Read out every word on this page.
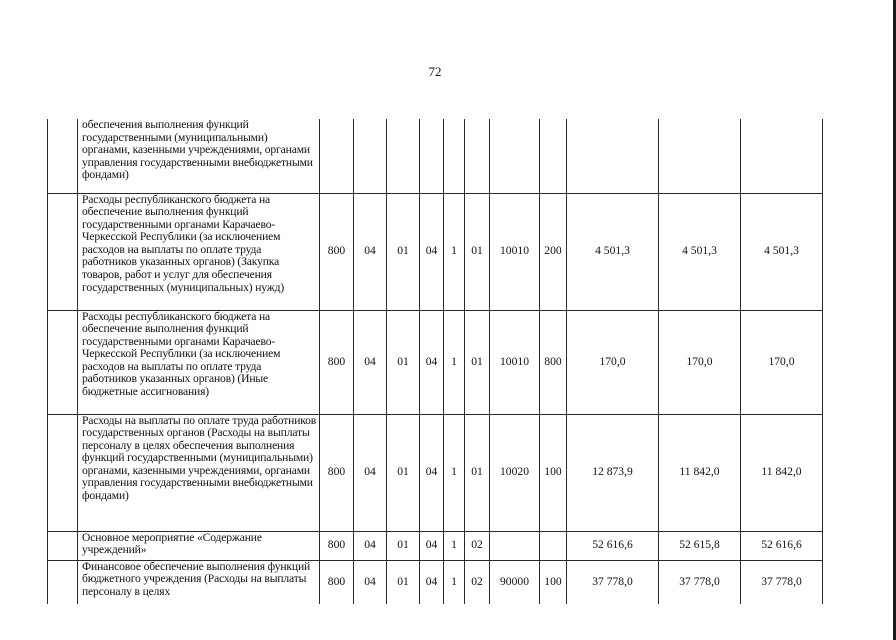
72
	обеспечения выполнения функций государственными (муниципальными) органами, казенными учреждениями, органами управления государственными внебюджетными фондами)											
	Расходы республиканского бюджета на обеспечение выполнения функций государственными органами Карачаево-Черкесской Республики (за исключением расходов на выплаты по оплате труда работников указанных органов) (Закупка товаров, работ и услуг для обеспечения государственных (муниципальных) нужд)	800	04	01	04	1	01	10010	200	4 501,3	4 501,3	4 501,3
	Расходы республиканского бюджета на обеспечение выполнения функций государственными органами Карачаево-Черкесской Республики (за исключением расходов на выплаты по оплате труда работников указанных органов) (Иные бюджетные ассигнования)	800	04	01	04	1	01	10010	800	170,0	170,0	170,0
	Расходы на выплаты по оплате труда работников государственных органов (Расходы на выплаты персоналу в целях обеспечения выполнения функций государственными (муниципальными) органами, казенными учреждениями, органами управления государственными внебюджетными фондами)	800	04	01	04	1	01	10020	100	12 873,9	11 842,0	11 842,0
	Основное мероприятие «Содержание учреждений»	800	04	01	04	1	02			52 616,6	52 615,8	52 616,6
	Финансовое обеспечение выполнения функций бюджетного учреждения (Расходы на выплаты персоналу в целях	800	04	01	04	1	02	90000	100	37 778,0	37 778,0	37 778,0
